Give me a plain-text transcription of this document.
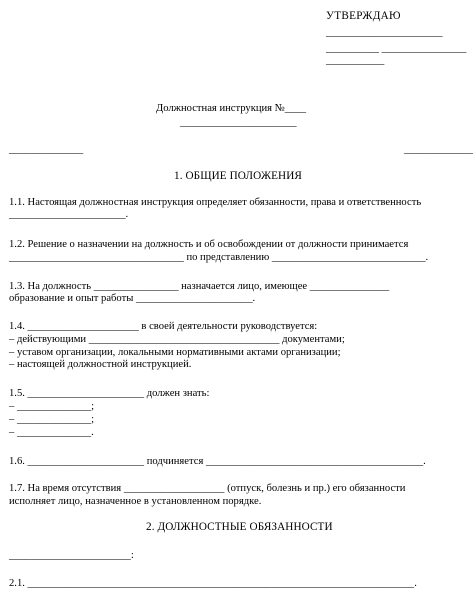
УТВЕРЖДАЮ
______________________
__________ ________________
___________
Должностная инструкция №____
______________________
______________	_____________
1. ОБЩИЕ ПОЛОЖЕНИЯ
1.1. Настоящая должностная инструкция определяет обязанности, права и ответственность
______________________.
1.2. Решение о назначении на должность и об освобождении от должности принимается
_________________________________ по представлению _____________________________.
1.3. На должность ________________ назначается лицо, имеющее _______________
образование и опыт работы ______________________.
1.4. _____________________ в своей деятельности руководствуется:
– действующими ____________________________________ документами;
– уставом организации, локальными нормативными актами организации;
– настоящей должностной инструкцией.
1.5. ______________________ должен знать:
– ______________;
– ______________;
– ______________.
1.6. ______________________ подчиняется _________________________________________.
1.7. На время отсутствия ___________________ (отпуск, болезнь и пр.) его обязанности
исполняет лицо, назначенное в установленном порядке.
2. ДОЛЖНОСТНЫЕ ОБЯЗАННОСТИ
_______________________:
2.1. _________________________________________________________________________.
